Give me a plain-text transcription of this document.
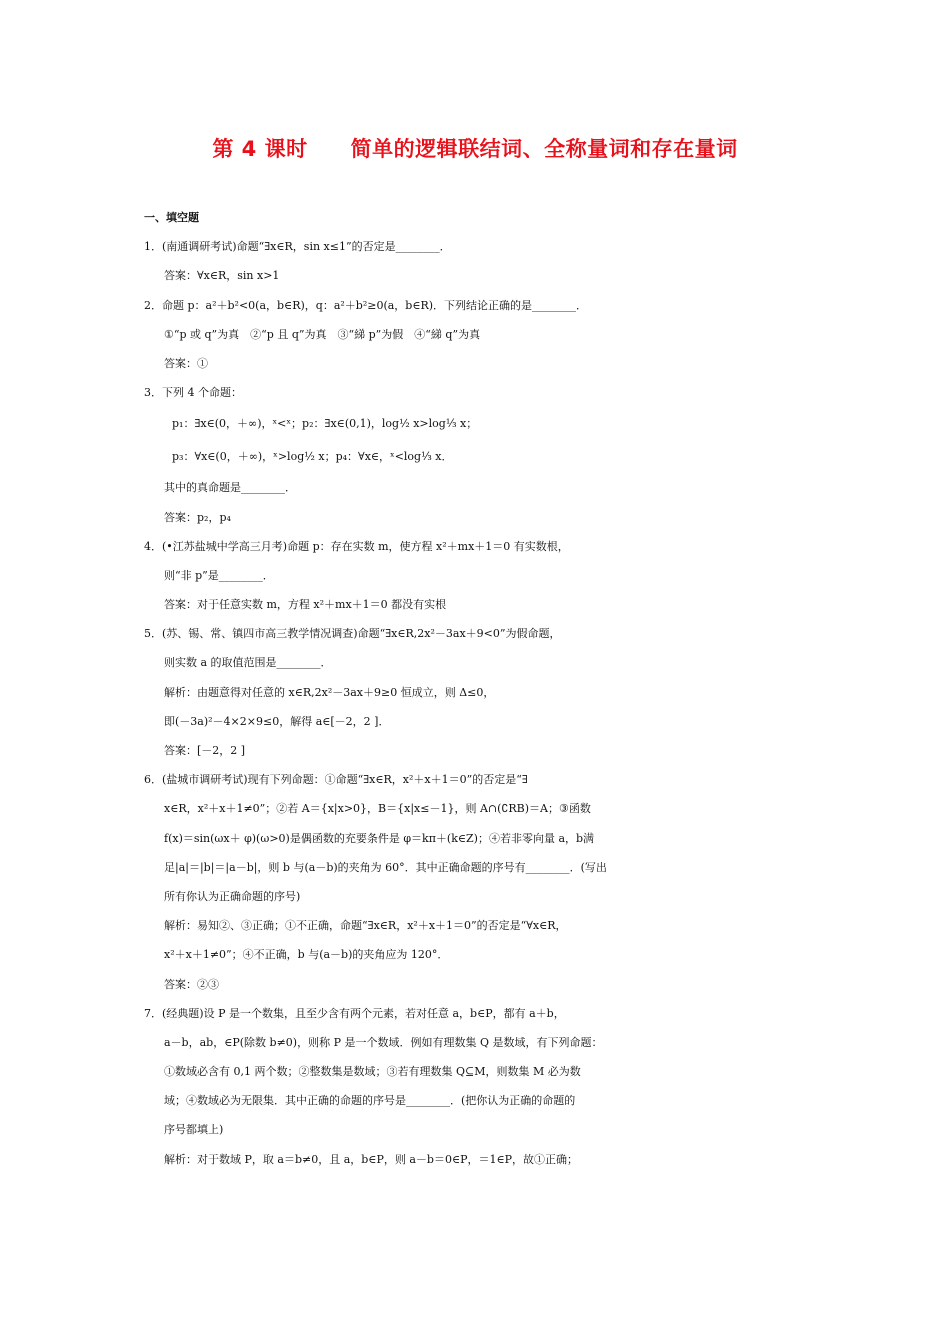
第 4 课时　　简单的逻辑联结词、全称量词和存在量词
一、填空题
1．(南通调研考试)命题“∃x∈R，sin x≤1”的否定是________．
答案：∀x∈R，sin x>1
2．命题 p：a²＋b²<0(a，b∈R)，q：a²＋b²≥0(a，b∈R)．下列结论正确的是________．
①“p 或 q”为真　②“p 且 q”为真　③“綈 p”为假　④“綈 q”为真
答案：①
3．下列 4 个命题：
p₁：∃x∈(0，＋∞)，ˣ<ˣ；p₂：∃x∈(0,1)，log½ x>log⅓ x；
p₃：∀x∈(0，＋∞)，ˣ>log½ x；p₄：∀x∈，ˣ<log⅓ x．
其中的真命题是________．
答案：p₂，p₄
4．(•江苏盐城中学高三月考)命题 p：存在实数 m，使方程 x²＋mx＋1＝0 有实数根，
则“非 p”是________．
答案：对于任意实数 m，方程 x²＋mx＋1＝0 都没有实根
5．(苏、锡、常、镇四市高三教学情况调查)命题“∃x∈R,2x²－3ax＋9<0”为假命题，
则实数 a 的取值范围是________．
解析：由题意得对任意的 x∈R,2x²－3ax＋9≥0 恒成立，则 Δ≤0，
即(－3a)²－4×2×9≤0，解得 a∈[－2，2 ]．
答案：[－2，2 ]
6．(盐城市调研考试)现有下列命题：①命题“∃x∈R，x²＋x＋1＝0”的否定是“∃
x∈R，x²＋x＋1≠0”；②若 A＝{x|x>0}，B＝{x|x≤－1}，则 A∩(∁RB)＝A；③函数
f(x)＝sin(ωx＋ φ)(ω>0)是偶函数的充要条件是 φ＝kπ＋(k∈Z)；④若非零向量 a，b满
足|a|＝|b|＝|a－b|，则 b 与(a－b)的夹角为 60°．其中正确命题的序号有________．(写出
所有你认为正确命题的序号)
解析：易知②、③正确；①不正确，命题“∃x∈R，x²＋x＋1＝0”的否定是“∀x∈R，
x²＋x＋1≠0”；④不正确，b 与(a－b)的夹角应为 120°．
答案：②③
7．(经典题)设 P 是一个数集，且至少含有两个元素，若对任意 a，b∈P，都有 a＋b，
a－b，ab，∈P(除数 b≠0)，则称 P 是一个数域．例如有理数集 Q 是数域，有下列命题：
①数域必含有 0,1 两个数；②整数集是数域；③若有理数集 Q⊆M，则数集 M 必为数
域；④数域必为无限集．其中正确的命题的序号是________．(把你认为正确的命题的
序号都填上)
解析：对于数域 P，取 a＝b≠0，且 a，b∈P，则 a－b＝0∈P，＝1∈P，故①正确；
